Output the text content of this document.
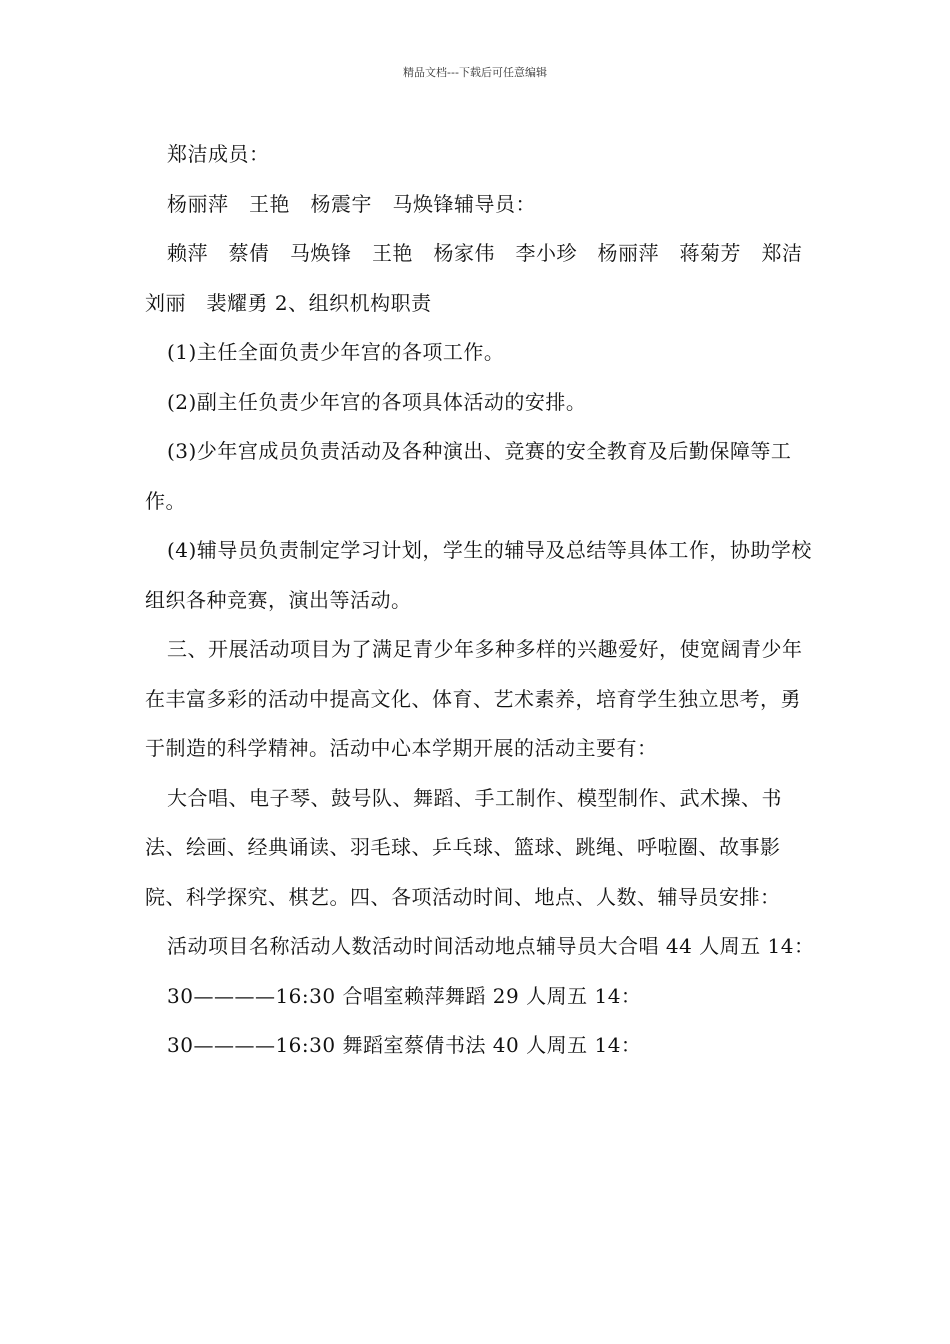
精品文档---下载后可任意编辑

郑洁成员：

杨丽萍　王艳　杨震宇　马焕锋辅导员：

赖萍　蔡倩　马焕锋　王艳　杨家伟　李小珍　杨丽萍　蒋菊芳　郑洁　刘丽　裴耀勇 2、组织机构职责

(1)主任全面负责少年宫的各项工作。

(2)副主任负责少年宫的各项具体活动的安排。

(3)少年宫成员负责活动及各种演出、竞赛的安全教育及后勤保障等工作。

(4)辅导员负责制定学习计划，学生的辅导及总结等具体工作，协助学校组织各种竞赛，演出等活动。

三、开展活动项目为了满足青少年多种多样的兴趣爱好，使宽阔青少年在丰富多彩的活动中提高文化、体育、艺术素养，培育学生独立思考，勇于制造的科学精神。活动中心本学期开展的活动主要有：

大合唱、电子琴、鼓号队、舞蹈、手工制作、模型制作、武术操、书法、绘画、经典诵读、羽毛球、乒乓球、篮球、跳绳、呼啦圈、故事影院、科学探究、棋艺。四、各项活动时间、地点、人数、辅导员安排：

活动项目名称活动人数活动时间活动地点辅导员大合唱 44 人周五 14：

30————16:30 合唱室赖萍舞蹈 29 人周五 14：

30————16:30 舞蹈室蔡倩书法 40 人周五 14：
